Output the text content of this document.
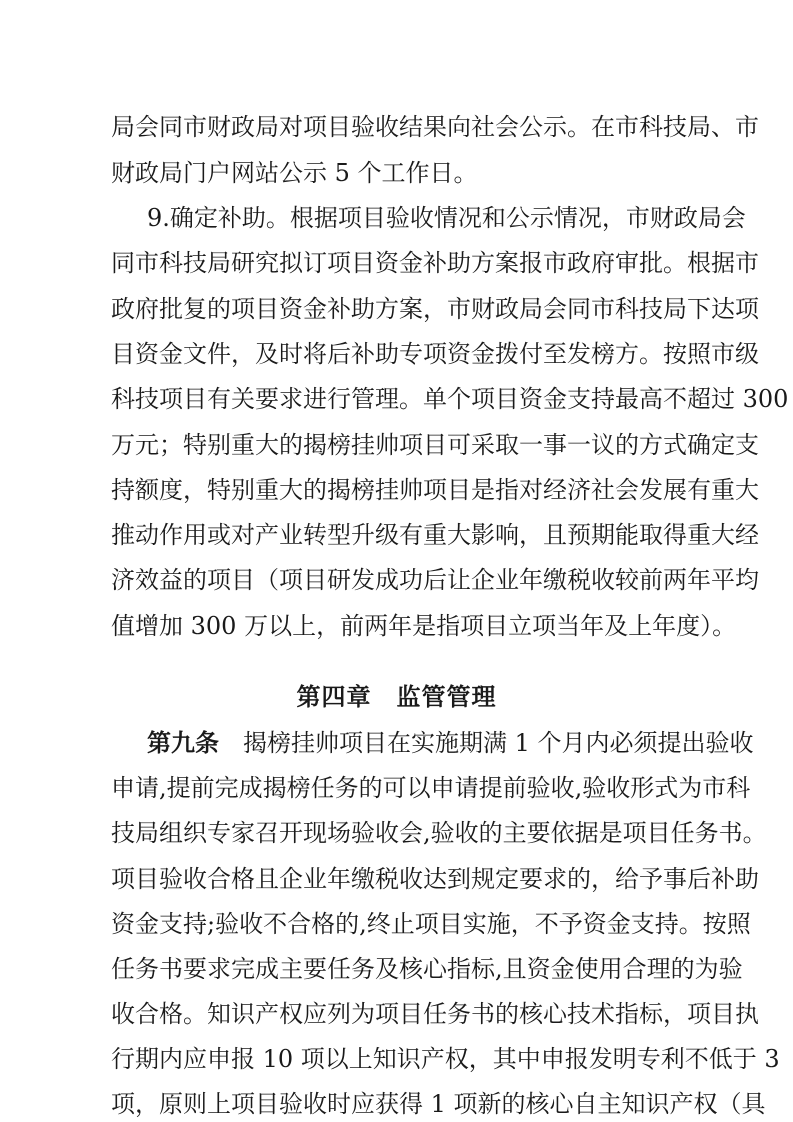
局会同市财政局对项目验收结果向社会公示。在市科技局、市
财政局门户网站公示 5 个工作日。
9.确定补助。根据项目验收情况和公示情况，市财政局会
同市科技局研究拟订项目资金补助方案报市政府审批。根据市
政府批复的项目资金补助方案，市财政局会同市科技局下达项
目资金文件，及时将后补助专项资金拨付至发榜方。按照市级
科技项目有关要求进行管理。单个项目资金支持最高不超过 300
万元；特别重大的揭榜挂帅项目可采取一事一议的方式确定支
持额度，特别重大的揭榜挂帅项目是指对经济社会发展有重大
推动作用或对产业转型升级有重大影响，且预期能取得重大经
济效益的项目（项目研发成功后让企业年缴税收较前两年平均
值增加 300 万以上，前两年是指项目立项当年及上年度）。
第四章　监管管理
第九条　揭榜挂帅项目在实施期满 1 个月内必须提出验收
申请,提前完成揭榜任务的可以申请提前验收,验收形式为市科
技局组织专家召开现场验收会,验收的主要依据是项目任务书。
项目验收合格且企业年缴税收达到规定要求的，给予事后补助
资金支持;验收不合格的,终止项目实施，不予资金支持。按照
任务书要求完成主要任务及核心指标,且资金使用合理的为验
收合格。知识产权应列为项目任务书的核心技术指标，项目执
行期内应申报 10 项以上知识产权，其中申报发明专利不低于 3
项，原则上项目验收时应获得 1 项新的核心自主知识产权（具
